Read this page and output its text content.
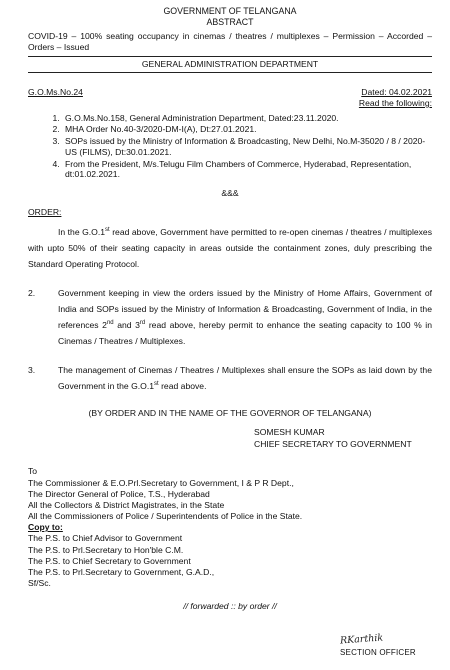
GOVERNMENT OF TELANGANA
ABSTRACT
COVID-19 – 100% seating occupancy in cinemas / theatres / multiplexes – Permission – Accorded – Orders – Issued
GENERAL ADMINISTRATION DEPARTMENT
G.O.Ms.No.24	Dated: 04.02.2021
Read the following:
1. G.O.Ms.No.158, General Administration Department, Dated:23.11.2020.
2. MHA Order No.40-3/2020-DM-I(A), Dt:27.01.2021.
3. SOPs issued by the Ministry of Information & Broadcasting, New Delhi, No.M-35020 / 8 / 2020-US (FILMS), Dt:30.01.2021.
4. From the President, M/s.Telugu Film Chambers of Commerce, Hyderabad, Representation, dt:01.02.2021.
&&&
ORDER:
In the G.O.1st read above, Government have permitted to re-open cinemas / theatres / multiplexes with upto 50% of their seating capacity in areas outside the containment zones, duly prescribing the Standard Operating Protocol.
2.	Government keeping in view the orders issued by the Ministry of Home Affairs, Government of India and SOPs issued by the Ministry of Information & Broadcasting, Government of India, in the references 2nd and 3rd read above, hereby permit to enhance the seating capacity to 100 % in Cinemas / Theatres / Multiplexes.
3.	The management of Cinemas / Theatres / Multiplexes shall ensure the SOPs as laid down by the Government in the G.O.1st read above.
(BY ORDER AND IN THE NAME OF THE GOVERNOR OF TELANGANA)
SOMESH KUMAR
CHIEF SECRETARY TO GOVERNMENT
To
The Commissioner & E.O.Prl.Secretary to Government, I & P R Dept.,
The Director General of Police, T.S., Hyderabad
All the Collectors & District Magistrates, in the State
All the Commissioners of Police / Superintendents of Police in the State.
Copy to:
The P.S. to Chief Advisor to Government
The P.S. to Prl.Secretary to Hon'ble C.M.
The P.S. to Chief Secretary to Government
The P.S. to Prl.Secretary to Government, G.A.D.,
Sf/Sc.
// forwarded :: by order //
RKarthik
SECTION OFFICER
